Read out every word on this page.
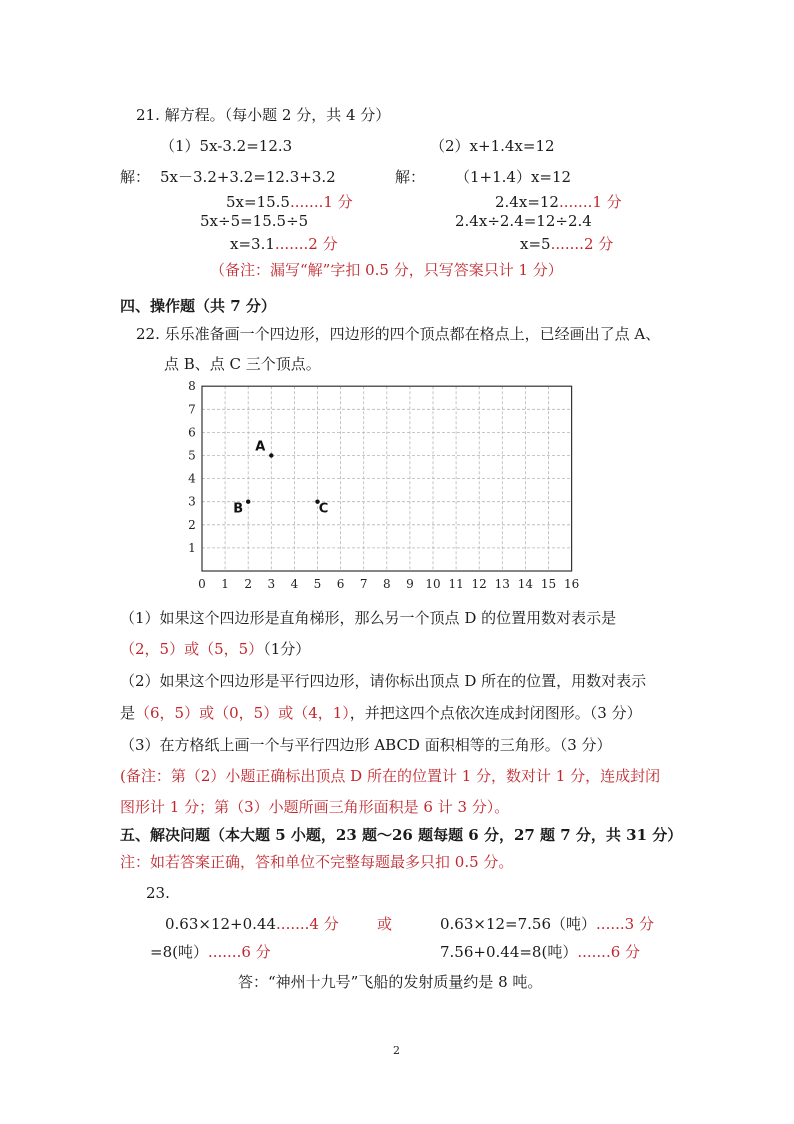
21. 解方程。（每小题 2 分，共 4 分）
（1）5x-3.2=12.3	（2）x+1.4x=12
解： 5x－3.2+3.2=12.3+3.2	解： （1+1.4）x=12
5x=15.5.......1 分	2.4x=12.......1 分
5x÷5=15.5÷5	2.4x÷2.4=12÷2.4
x=3.1.......2 分	x=5.......2 分
（备注：漏写“解”字扣 0.5 分，只写答案只计 1 分）
四、操作题（共 7 分）
22. 乐乐准备画一个四边形，四边形的四个顶点都在格点上，已经画出了点 A、
点 B、点 C 三个顶点。
0 1 2 3 4 5 6 7 8 9 10 11 12 13 14 15 16
1
2
3
4
5
6
7
8
A
B	C
（1）如果这个四边形是直角梯形，那么另一个顶点 D 的位置用数对表示是
（2，5）或（5，5）（1分）
（2）如果这个四边形是平行四边形，请你标出顶点 D 所在的位置，用数对表示
是（6，5）或（0，5）或（4，1），并把这四个点依次连成封闭图形。（3 分）
（3）在方格纸上画一个与平行四边形 ABCD 面积相等的三角形。（3 分）
(备注：第（2）小题正确标出顶点 D 所在的位置计 1 分，数对计 1 分，连成封闭
图形计 1 分；第（3）小题所画三角形面积是 6 计 3 分）。
五、解决问题（本大题 5 小题，23 题～26 题每题 6 分，27 题 7 分，共 31 分）
注：如若答案正确，答和单位不完整每题最多只扣 0.5 分。
23.
0.63×12+0.44.......4 分	或	0.63×12=7.56（吨）......3 分
=8(吨）.......6 分	7.56+0.44=8(吨）.......6 分
答：“神州十九号”飞船的发射质量约是 8 吨。
2
